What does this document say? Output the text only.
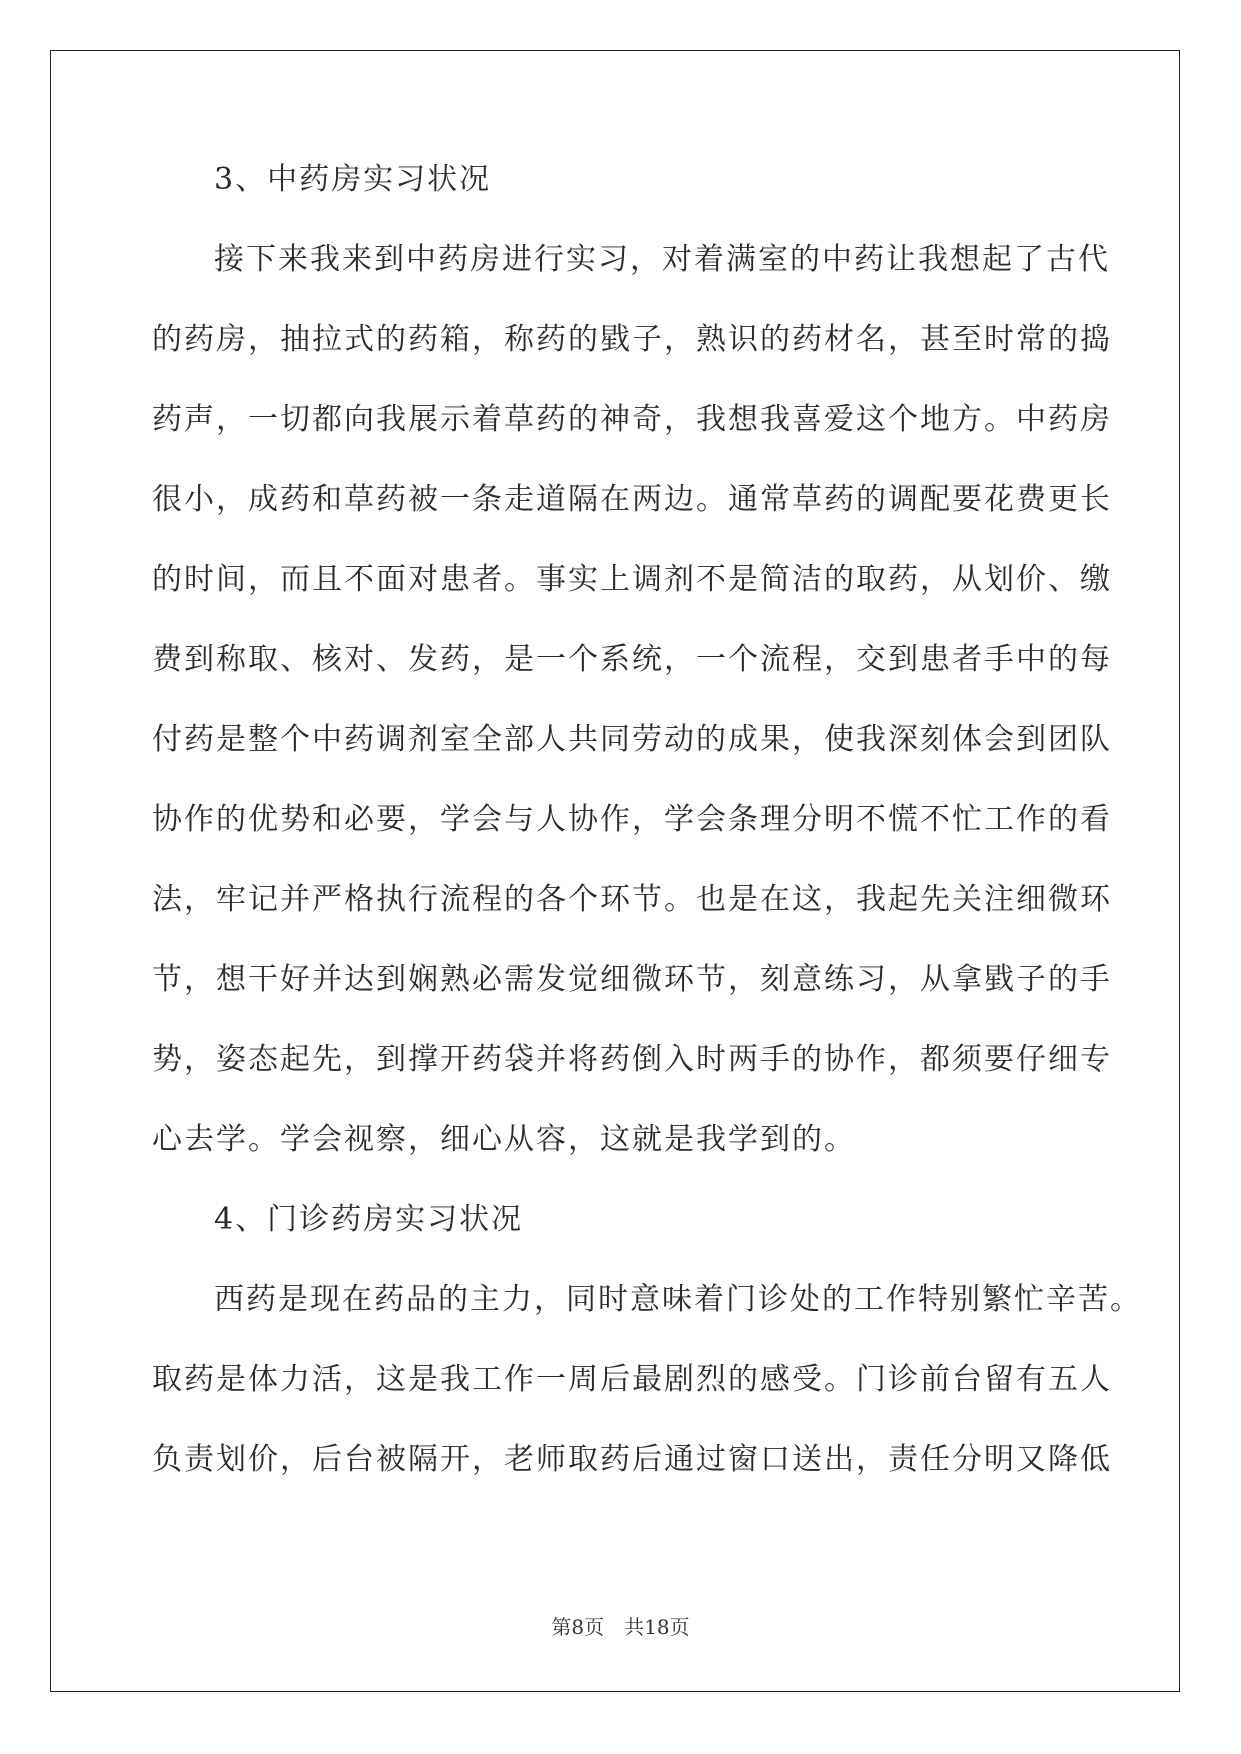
3、中药房实习状况
接下来我来到中药房进行实习，对着满室的中药让我想起了古代
的药房，抽拉式的药箱，称药的戥子，熟识的药材名，甚至时常的捣
药声，一切都向我展示着草药的神奇，我想我喜爱这个地方。中药房
很小，成药和草药被一条走道隔在两边。通常草药的调配要花费更长
的时间，而且不面对患者。事实上调剂不是简洁的取药，从划价、缴
费到称取、核对、发药，是一个系统，一个流程，交到患者手中的每
付药是整个中药调剂室全部人共同劳动的成果，使我深刻体会到团队
协作的优势和必要，学会与人协作，学会条理分明不慌不忙工作的看
法，牢记并严格执行流程的各个环节。也是在这，我起先关注细微环
节，想干好并达到娴熟必需发觉细微环节，刻意练习，从拿戥子的手
势，姿态起先，到撑开药袋并将药倒入时两手的协作，都须要仔细专
心去学。学会视察，细心从容，这就是我学到的。
4、门诊药房实习状况
西药是现在药品的主力，同时意味着门诊处的工作特别繁忙辛苦。
取药是体力活，这是我工作一周后最剧烈的感受。门诊前台留有五人
负责划价，后台被隔开，老师取药后通过窗口送出，责任分明又降低
第8页　共18页
